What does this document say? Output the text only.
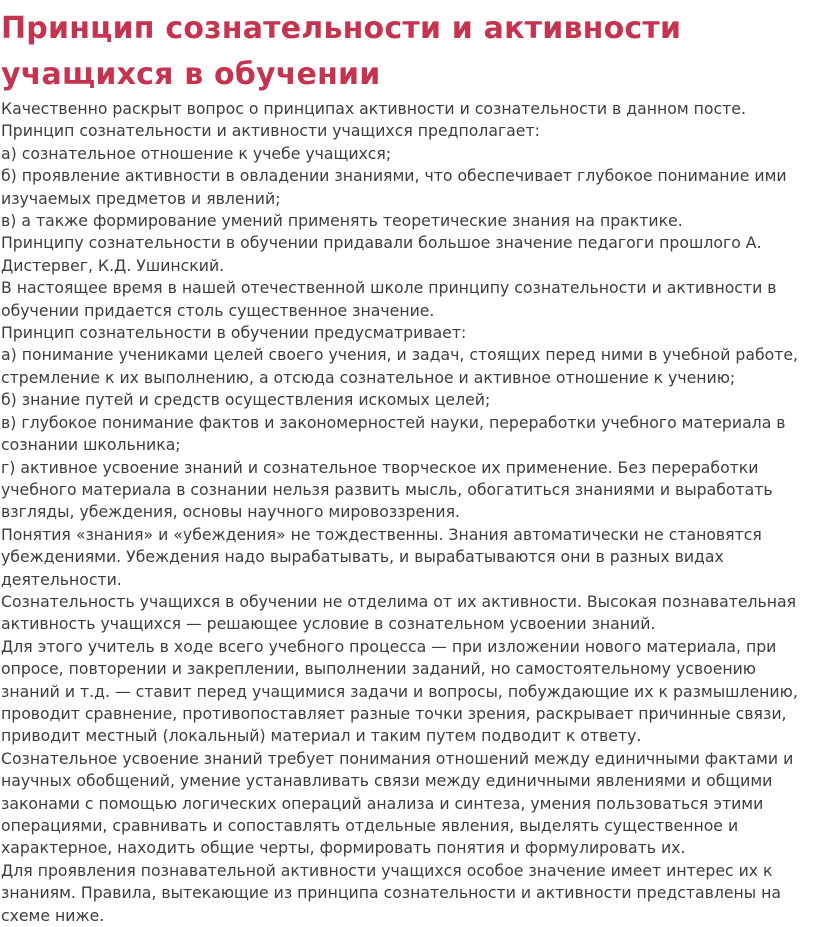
Принцип сознательности и активности учащихся в обучении

Качественно раскрыт вопрос о принципах активности и сознательности в данном посте.

Принцип сознательности и активности учащихся предполагает:

а) сознательное отношение к учебе учащихся;

б) проявление активности в овладении знаниями, что обеспечивает глубокое понимание ими изучаемых предметов и явлений;

в) а также формирование умений применять теоретические знания на практике.

Принципу сознательности в обучении придавали большое значение педагоги прошлого А. Дистервег, К.Д. Ушинский.

В настоящее время в нашей отечественной школе принципу сознательности и активности в обучении придается столь существенное значение.

Принцип сознательности в обучении предусматривает:

а) понимание учениками целей своего учения, и задач, стоящих перед ними в учебной работе, стремление к их выполнению, а отсюда сознательное и активное отношение к учению;

б) знание путей и средств осуществления искомых целей;

в) глубокое понимание фактов и закономерностей науки, переработки учебного материала в сознании школьника;

г) активное усвоение знаний и сознательное творческое их применение. Без переработки учебного материала в сознании нельзя развить мысль, обогатиться знаниями и выработать взгляды, убеждения, основы научного мировоззрения.

Понятия «знания» и «убеждения» не тождественны. Знания автоматически не становятся убеждениями. Убеждения надо вырабатывать, и вырабатываются они в разных видах деятельности.

Сознательность учащихся в обучении не отделима от их активности. Высокая познавательная активность учащихся — решающее условие в сознательном усвоении знаний.

Для этого учитель в ходе всего учебного процесса — при изложении нового материала, при опросе, повторении и закреплении, выполнении заданий, но самостоятельному усвоению знаний и т.д. — ставит перед учащимися задачи и вопросы, побуждающие их к размышлению, проводит сравнение, противопоставляет разные точки зрения, раскрывает причинные связи, приводит местный (локальный) материал и таким путем подводит к ответу.

Сознательное усвоение знаний требует понимания отношений между единичными фактами и научных обобщений, умение устанавливать связи между единичными явлениями и общими законами с помощью логических операций анализа и синтеза, умения пользоваться этими операциями, сравнивать и сопоставлять отдельные явления, выделять существенное и характерное, находить общие черты, формировать понятия и формулировать их.

Для проявления познавательной активности учащихся особое значение имеет интерес их к знаниям. Правила, вытекающие из принципа сознательности и активности представлены на схеме ниже.
